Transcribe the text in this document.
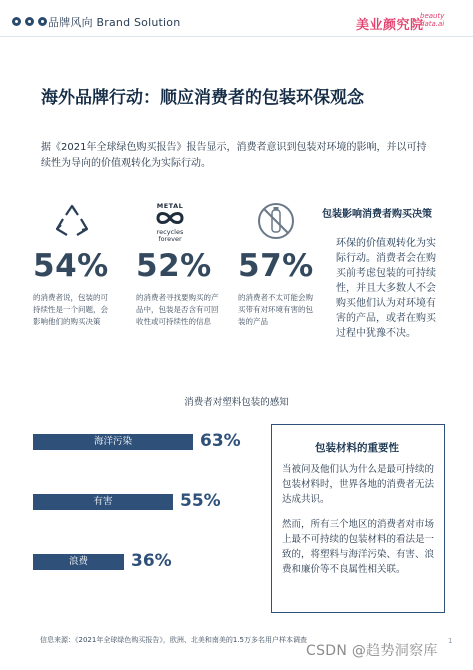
品牌风向 Brand Solution	美业颜究院
beauty
data.ai
海外品牌行动：顺应消费者的包装环保观念
据《2021年全球绿色购买报告》报告显示，消费者意识到包装对环境的影响，并以可持续性为导向的价值观转化为实际行动。
54%
的消费者说，包装的可持续性是一个问题，会影响他们的购买决策
METAL
recycles
forever
52%
的消费者寻找要购买的产品中，包装是否含有可回收性或可持续性的信息
57%
的消费者不太可能会购买带有对环境有害的包装的产品
包装影响消费者购买决策
环保的价值观转化为实际行动。消费者会在购买前考虑包装的可持续性，并且大多数人不会购买他们认为对环境有害的产品，或者在购买过程中犹豫不决。
消费者对塑料包装的感知
海洋污染	63%
有害	55%
浪费	36%
包装材料的重要性
当被问及他们认为什么是最可持续的包装材料时，世界各地的消费者无法达成共识。
然而，所有三个地区的消费者对市场上最不可持续的包装材料的看法是一致的，将塑料与海洋污染、有害、浪费和廉价等不良属性相关联。
信息来源：《2021年全球绿色购买报告》，欧洲、北美和南美的1.5万多名用户样本调查	1
CSDN @趋势洞察库
